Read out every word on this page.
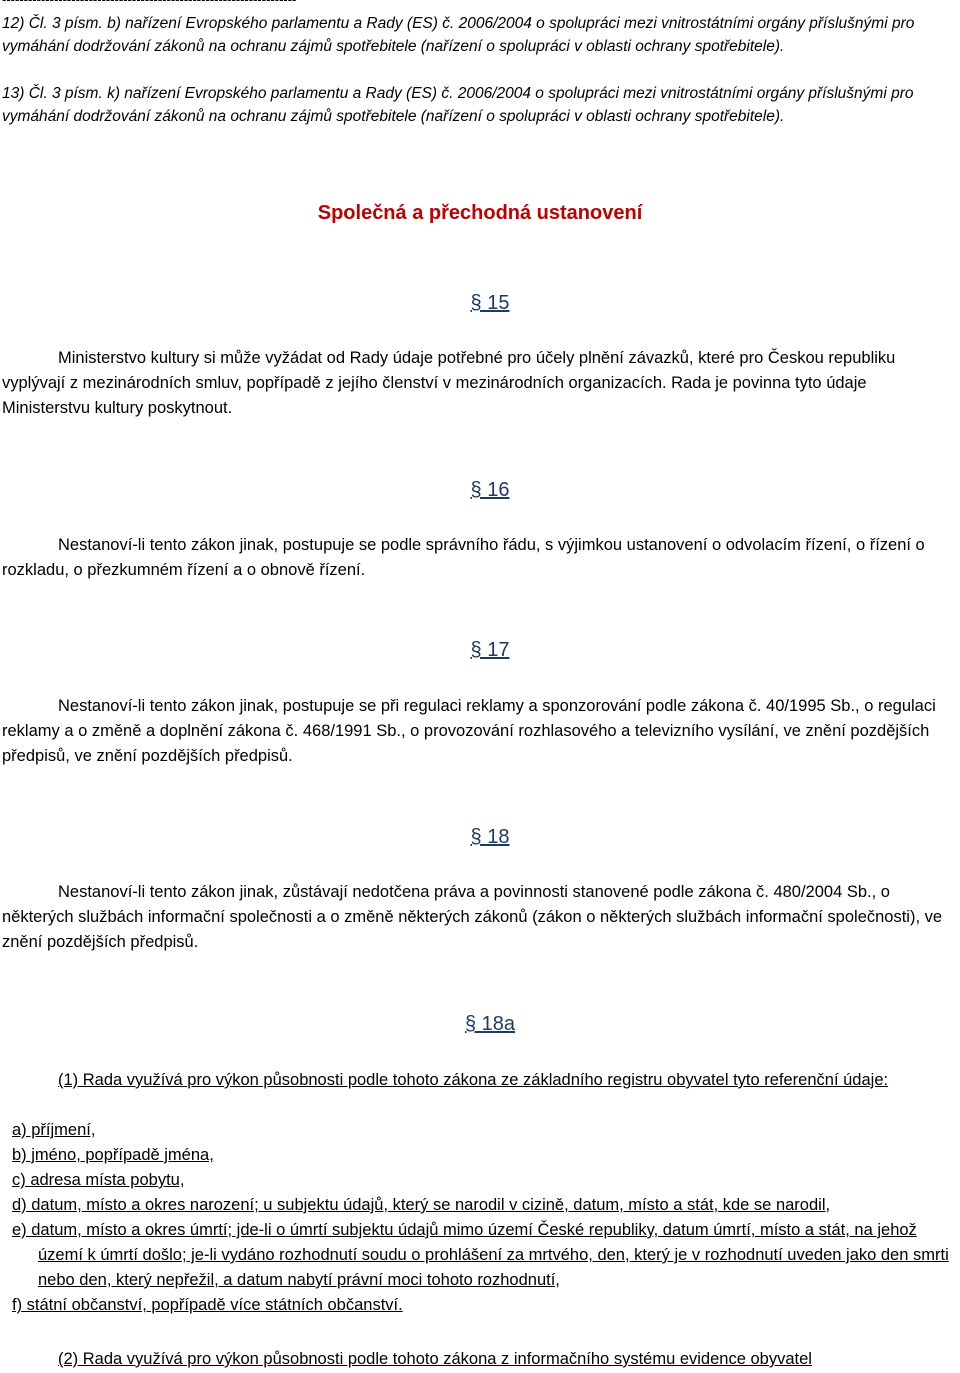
12) Čl. 3 písm. b) nařízení Evropského parlamentu a Rady (ES) č. 2006/2004 o spolupráci mezi vnitrostátními orgány příslušnými pro vymáhání dodržování zákonů na ochranu zájmů spotřebitele (nařízení o spolupráci v oblasti ochrany spotřebitele).

13) Čl. 3 písm. k) nařízení Evropského parlamentu a Rady (ES) č. 2006/2004 o spolupráci mezi vnitrostátními orgány příslušnými pro vymáhání dodržování zákonů na ochranu zájmů spotřebitele (nařízení o spolupráci v oblasti ochrany spotřebitele).

Společná a přechodná ustanovení
§ 15

Ministerstvo kultury si může vyžádat od Rady údaje potřebné pro účely plnění závazků, které pro Českou republiku vyplývají z mezinárodních smluv, popřípadě z jejího členství v mezinárodních organizacích. Rada je povinna tyto údaje Ministerstvu kultury poskytnout.

§ 16

Nestanoví-li tento zákon jinak, postupuje se podle správního řádu, s výjimkou ustanovení o odvolacím řízení, o řízení o rozkladu, o přezkumném řízení a o obnově řízení.

§ 17

Nestanoví-li tento zákon jinak, postupuje se při regulaci reklamy a sponzorování podle zákona č. 40/1995 Sb., o regulaci reklamy a o změně a doplnění zákona č. 468/1991 Sb., o provozování rozhlasového a televizního vysílání, ve znění pozdějších předpisů, ve znění pozdějších předpisů.

§ 18

Nestanoví-li tento zákon jinak, zůstávají nedotčena práva a povinnosti stanovené podle zákona č. 480/2004 Sb., o některých službách informační společnosti a o změně některých zákonů (zákon o některých službách informační společnosti), ve znění pozdějších předpisů.

§ 18a

(1) Rada využívá pro výkon působnosti podle tohoto zákona ze základního registru obyvatel tyto referenční údaje:

a) příjmení,
b) jméno, popřípadě jména,
c) adresa místa pobytu,
d) datum, místo a okres narození; u subjektu údajů, který se narodil v cizině, datum, místo a stát, kde se narodil,
e) datum, místo a okres úmrtí; jde-li o úmrtí subjektu údajů mimo území České republiky, datum úmrtí, místo a stát, na jehož území k úmrtí došlo; je-li vydáno rozhodnutí soudu o prohlášení za mrtvého, den, který je v rozhodnutí uveden jako den smrti nebo den, který nepřežil, a datum nabytí právní moci tohoto rozhodnutí,
f) státní občanství, popřípadě více státních občanství.

(2) Rada využívá pro výkon působnosti podle tohoto zákona z informačního systému evidence obyvatel
